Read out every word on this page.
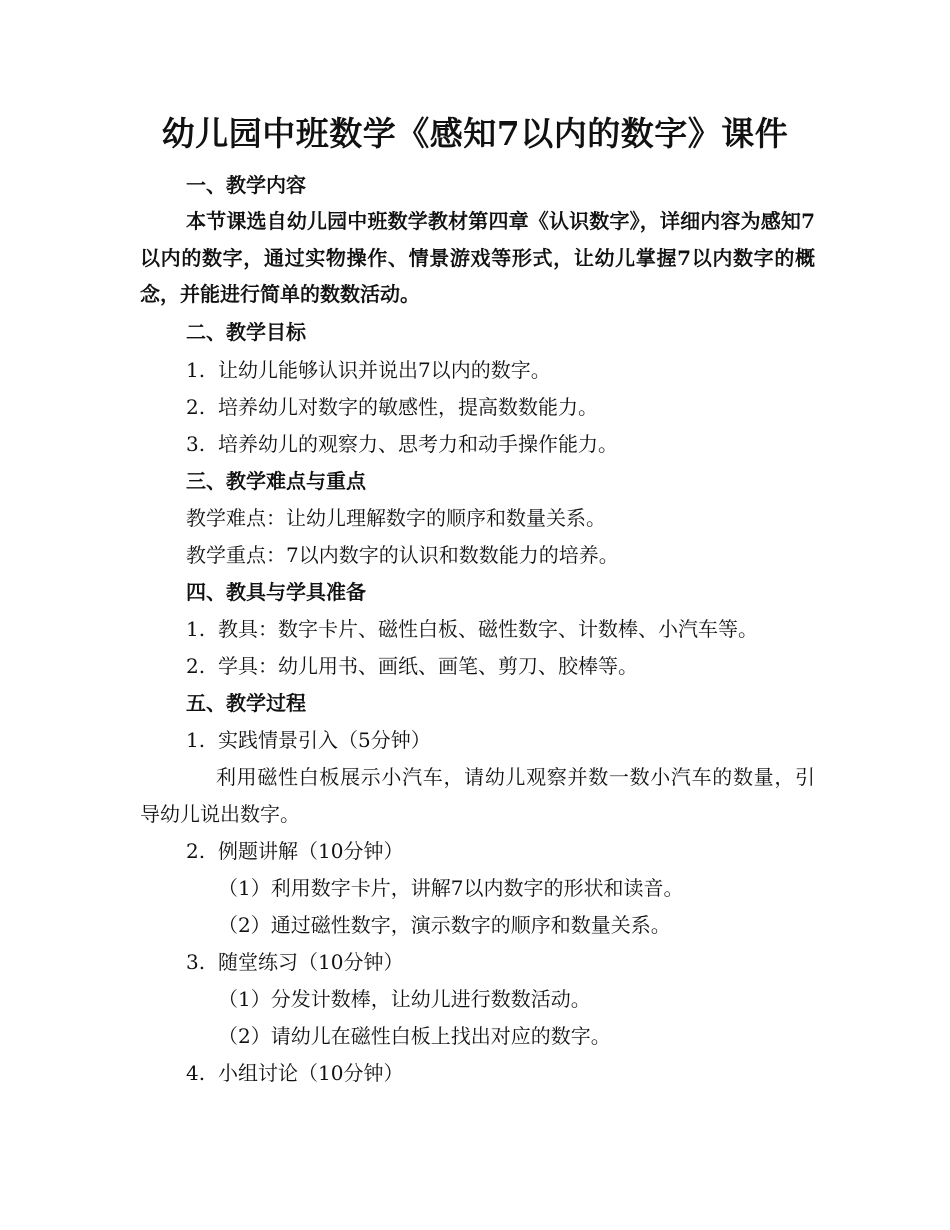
幼儿园中班数学《感知7以内的数字》课件
一、教学内容
本节课选自幼儿园中班数学教材第四章《认识数字》，详细内容为感知7以内的数字，通过实物操作、情景游戏等形式，让幼儿掌握7以内数字的概念，并能进行简单的数数活动。
二、教学目标
1. 让幼儿能够认识并说出7以内的数字。
2. 培养幼儿对数字的敏感性，提高数数能力。
3. 培养幼儿的观察力、思考力和动手操作能力。
三、教学难点与重点
教学难点：让幼儿理解数字的顺序和数量关系。
教学重点：7以内数字的认识和数数能力的培养。
四、教具与学具准备
1. 教具：数字卡片、磁性白板、磁性数字、计数棒、小汽车等。
2. 学具：幼儿用书、画纸、画笔、剪刀、胶棒等。
五、教学过程
1. 实践情景引入（5分钟）
利用磁性白板展示小汽车，请幼儿观察并数一数小汽车的数量，引导幼儿说出数字。
2. 例题讲解（10分钟）
（1）利用数字卡片，讲解7以内数字的形状和读音。
（2）通过磁性数字，演示数字的顺序和数量关系。
3. 随堂练习（10分钟）
（1）分发计数棒，让幼儿进行数数活动。
（2）请幼儿在磁性白板上找出对应的数字。
4. 小组讨论（10分钟）
